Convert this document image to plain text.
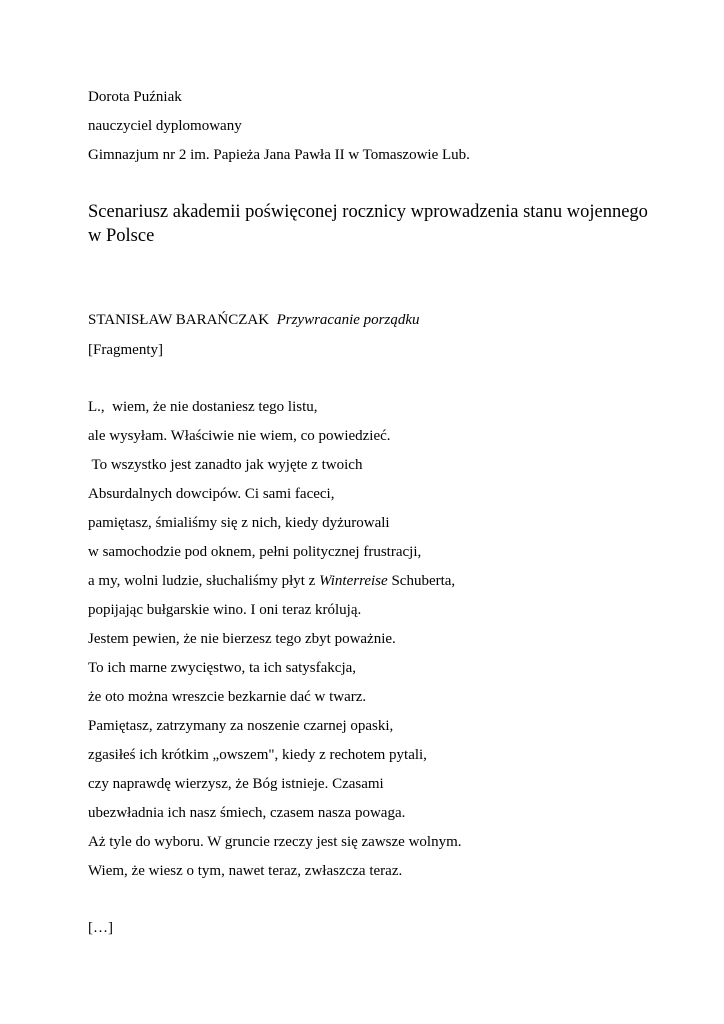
Dorota Puźniak
nauczyciel dyplomowany
Gimnazjum nr 2 im. Papieża Jana Pawła II w Tomaszowie Lub.
Scenariusz akademii poświęconej rocznicy wprowadzenia stanu wojennego w Polsce
STANISŁAW BARAŃCZAK Przywracanie porządku
[Fragmenty]
L.,  wiem, że nie dostaniesz tego listu,
ale wysyłam. Właściwie nie wiem, co powiedzieć.
To wszystko jest zanadto jak wyjęte z twoich
Absurdalnych dowcipów. Ci sami faceci,
pamiętasz, śmialiśmy się z nich, kiedy dyżurowali
w samochodzie pod oknem, pełni politycznej frustracji,
a my, wolni ludzie, słuchaliśmy płyt z Winterreise Schuberta,
popijając bułgarskie wino. I oni teraz królują.
Jestem pewien, że nie bierzesz tego zbyt poważnie.
To ich marne zwycięstwo, ta ich satysfakcja,
że oto można wreszcie bezkarnie dać w twarz.
Pamiętasz, zatrzymany za noszenie czarnej opaski,
zgasiłeś ich krótkim „owszem", kiedy z rechotem pytali,
czy naprawdę wierzysz, że Bóg istnieje. Czasami
ubezwładnia ich nasz śmiech, czasem nasza powaga.
Aż tyle do wyboru. W gruncie rzeczy jest się zawsze wolnym.
Wiem, że wiesz o tym, nawet teraz, zwłaszcza teraz.
[…]
